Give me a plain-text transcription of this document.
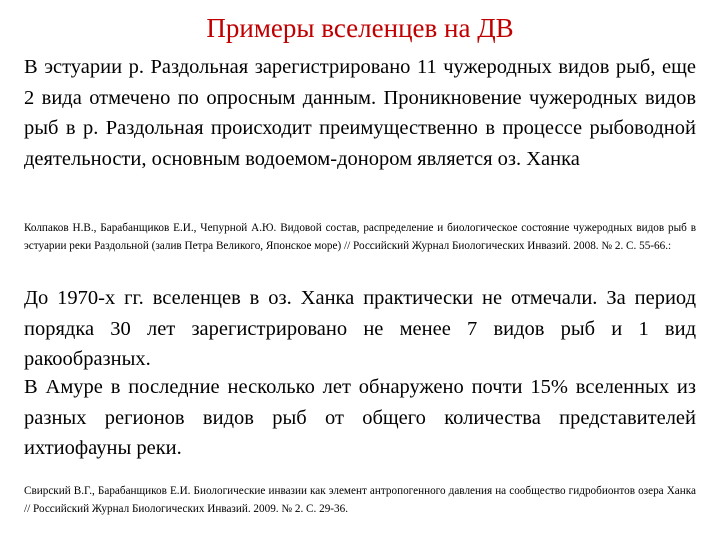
Примеры вселенцев на ДВ

В эстуарии р. Раздольная зарегистрировано 11 чужеродных видов рыб, еще 2 вида отмечено по опросным данным. Проникновение чужеродных видов рыб в р. Раздольная происходит преимущественно в процессе рыбоводной деятельности, основным водоемом-донором является оз. Ханка

Колпаков Н.В., Барабанщиков Е.И., Чепурной А.Ю. Видовой состав, распределение и биологическое состояние чужеродных видов рыб в эстуарии реки Раздольной (залив Петра Великого, Японское море) // Российский Журнал Биологических Инвазий. 2008. № 2. С. 55-66.:

До 1970-х гг. вселенцев в оз. Ханка практически не отмечали. За период порядка 30 лет зарегистрировано не менее 7 видов рыб и 1 вид ракообразных.

В Амуре в последние несколько лет обнаружено почти 15% вселенных из разных регионов видов рыб от общего количества представителей ихтиофауны реки.

Свирский В.Г., Барабанщиков Е.И. Биологические инвазии как элемент антропогенного давления на сообщество гидробионтов озера Ханка // Российский Журнал Биологических Инвазий. 2009. № 2. С. 29-36.
